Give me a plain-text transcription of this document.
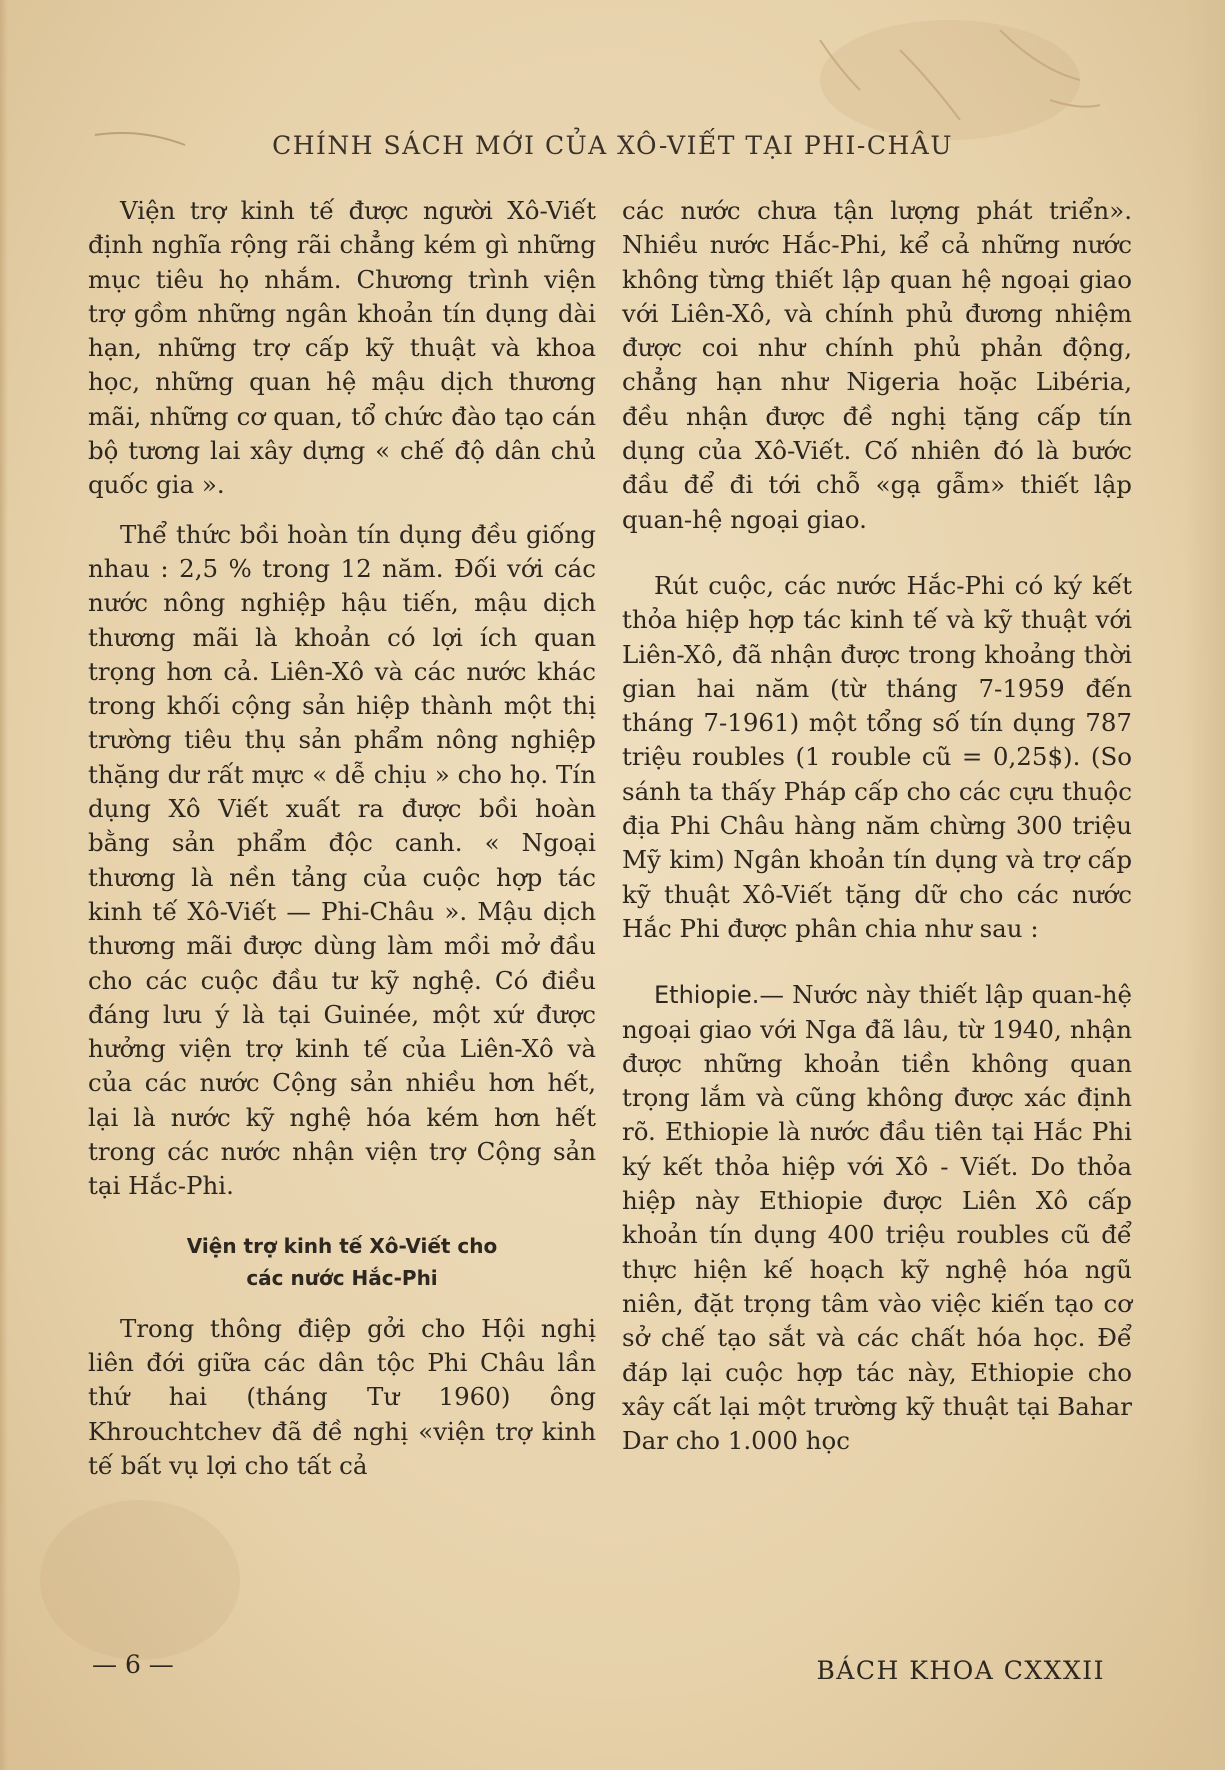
CHÍNH SÁCH MỚI CỦA XÔ-VIẾT TẠI PHI-CHÂU

Viện trợ kinh tế được người Xô-Viết định nghĩa rộng rãi chẳng kém gì những mục tiêu họ nhắm. Chương trình viện trợ gồm những ngân khoản tín dụng dài hạn, những trợ cấp kỹ thuật và khoa học, những quan hệ mậu dịch thương mãi, những cơ quan, tổ chức đào tạo cán bộ tương lai xây dựng « chế độ dân chủ quốc gia ».

Thể thức bồi hoàn tín dụng đều giống nhau : 2,5 % trong 12 năm. Đối với các nước nông nghiệp hậu tiến, mậu dịch thương mãi là khoản có lợi ích quan trọng hơn cả. Liên-Xô và các nước khác trong khối cộng sản hiệp thành một thị trường tiêu thụ sản phẩm nông nghiệp thặng dư rất mực « dễ chịu » cho họ. Tín dụng Xô Viết xuất ra được bồi hoàn bằng sản phẩm độc canh. « Ngoại thương là nền tảng của cuộc hợp tác kinh tế Xô-Viết — Phi-Châu ». Mậu dịch thương mãi được dùng làm mồi mở đầu cho các cuộc đầu tư kỹ nghệ. Có điều đáng lưu ý là tại Guinée, một xứ được hưởng viện trợ kinh tế của Liên-Xô và của các nước Cộng sản nhiều hơn hết, lại là nước kỹ nghệ hóa kém hơn hết trong các nước nhận viện trợ Cộng sản tại Hắc-Phi.

Viện trợ kinh tế Xô-Viết cho
các nước Hắc-Phi

Trong thông điệp gởi cho Hội nghị liên đới giữa các dân tộc Phi Châu lần thứ hai (tháng Tư 1960) ông Khrouchtchev đã đề nghị «viện trợ kinh tế bất vụ lợi cho tất cả

các nước chưa tận lượng phát triển». Nhiều nước Hắc-Phi, kể cả những nước không từng thiết lập quan hệ ngoại giao với Liên-Xô, và chính phủ đương nhiệm được coi như chính phủ phản động, chẳng hạn như Nigeria hoặc Libéria, đều nhận được đề nghị tặng cấp tín dụng của Xô-Viết. Cố nhiên đó là bước đầu để đi tới chỗ «gạ gẫm» thiết lập quan-hệ ngoại giao.

Rút cuộc, các nước Hắc-Phi có ký kết thỏa hiệp hợp tác kinh tế và kỹ thuật với Liên-Xô, đã nhận được trong khoảng thời gian hai năm (từ tháng 7-1959 đến tháng 7-1961) một tổng số tín dụng 787 triệu roubles (1 rouble cũ = 0,25$). (So sánh ta thấy Pháp cấp cho các cựu thuộc địa Phi Châu hàng năm chừng 300 triệu Mỹ kim) Ngân khoản tín dụng và trợ cấp kỹ thuật Xô-Viết tặng dữ cho các nước Hắc Phi được phân chia như sau :

Ethiopie.— Nước này thiết lập quan-hệ ngoại giao với Nga đã lâu, từ 1940, nhận được những khoản tiền không quan trọng lắm và cũng không được xác định rõ. Ethiopie là nước đầu tiên tại Hắc Phi ký kết thỏa hiệp với Xô - Viết. Do thỏa hiệp này Ethiopie được Liên Xô cấp khoản tín dụng 400 triệu roubles cũ để thực hiện kế hoạch kỹ nghệ hóa ngũ niên, đặt trọng tâm vào việc kiến tạo cơ sở chế tạo sắt và các chất hóa học. Để đáp lại cuộc hợp tác này, Ethiopie cho xây cất lại một trường kỹ thuật tại Bahar Dar cho 1.000 học

— 6 —	BÁCH KHOA CXXXII
